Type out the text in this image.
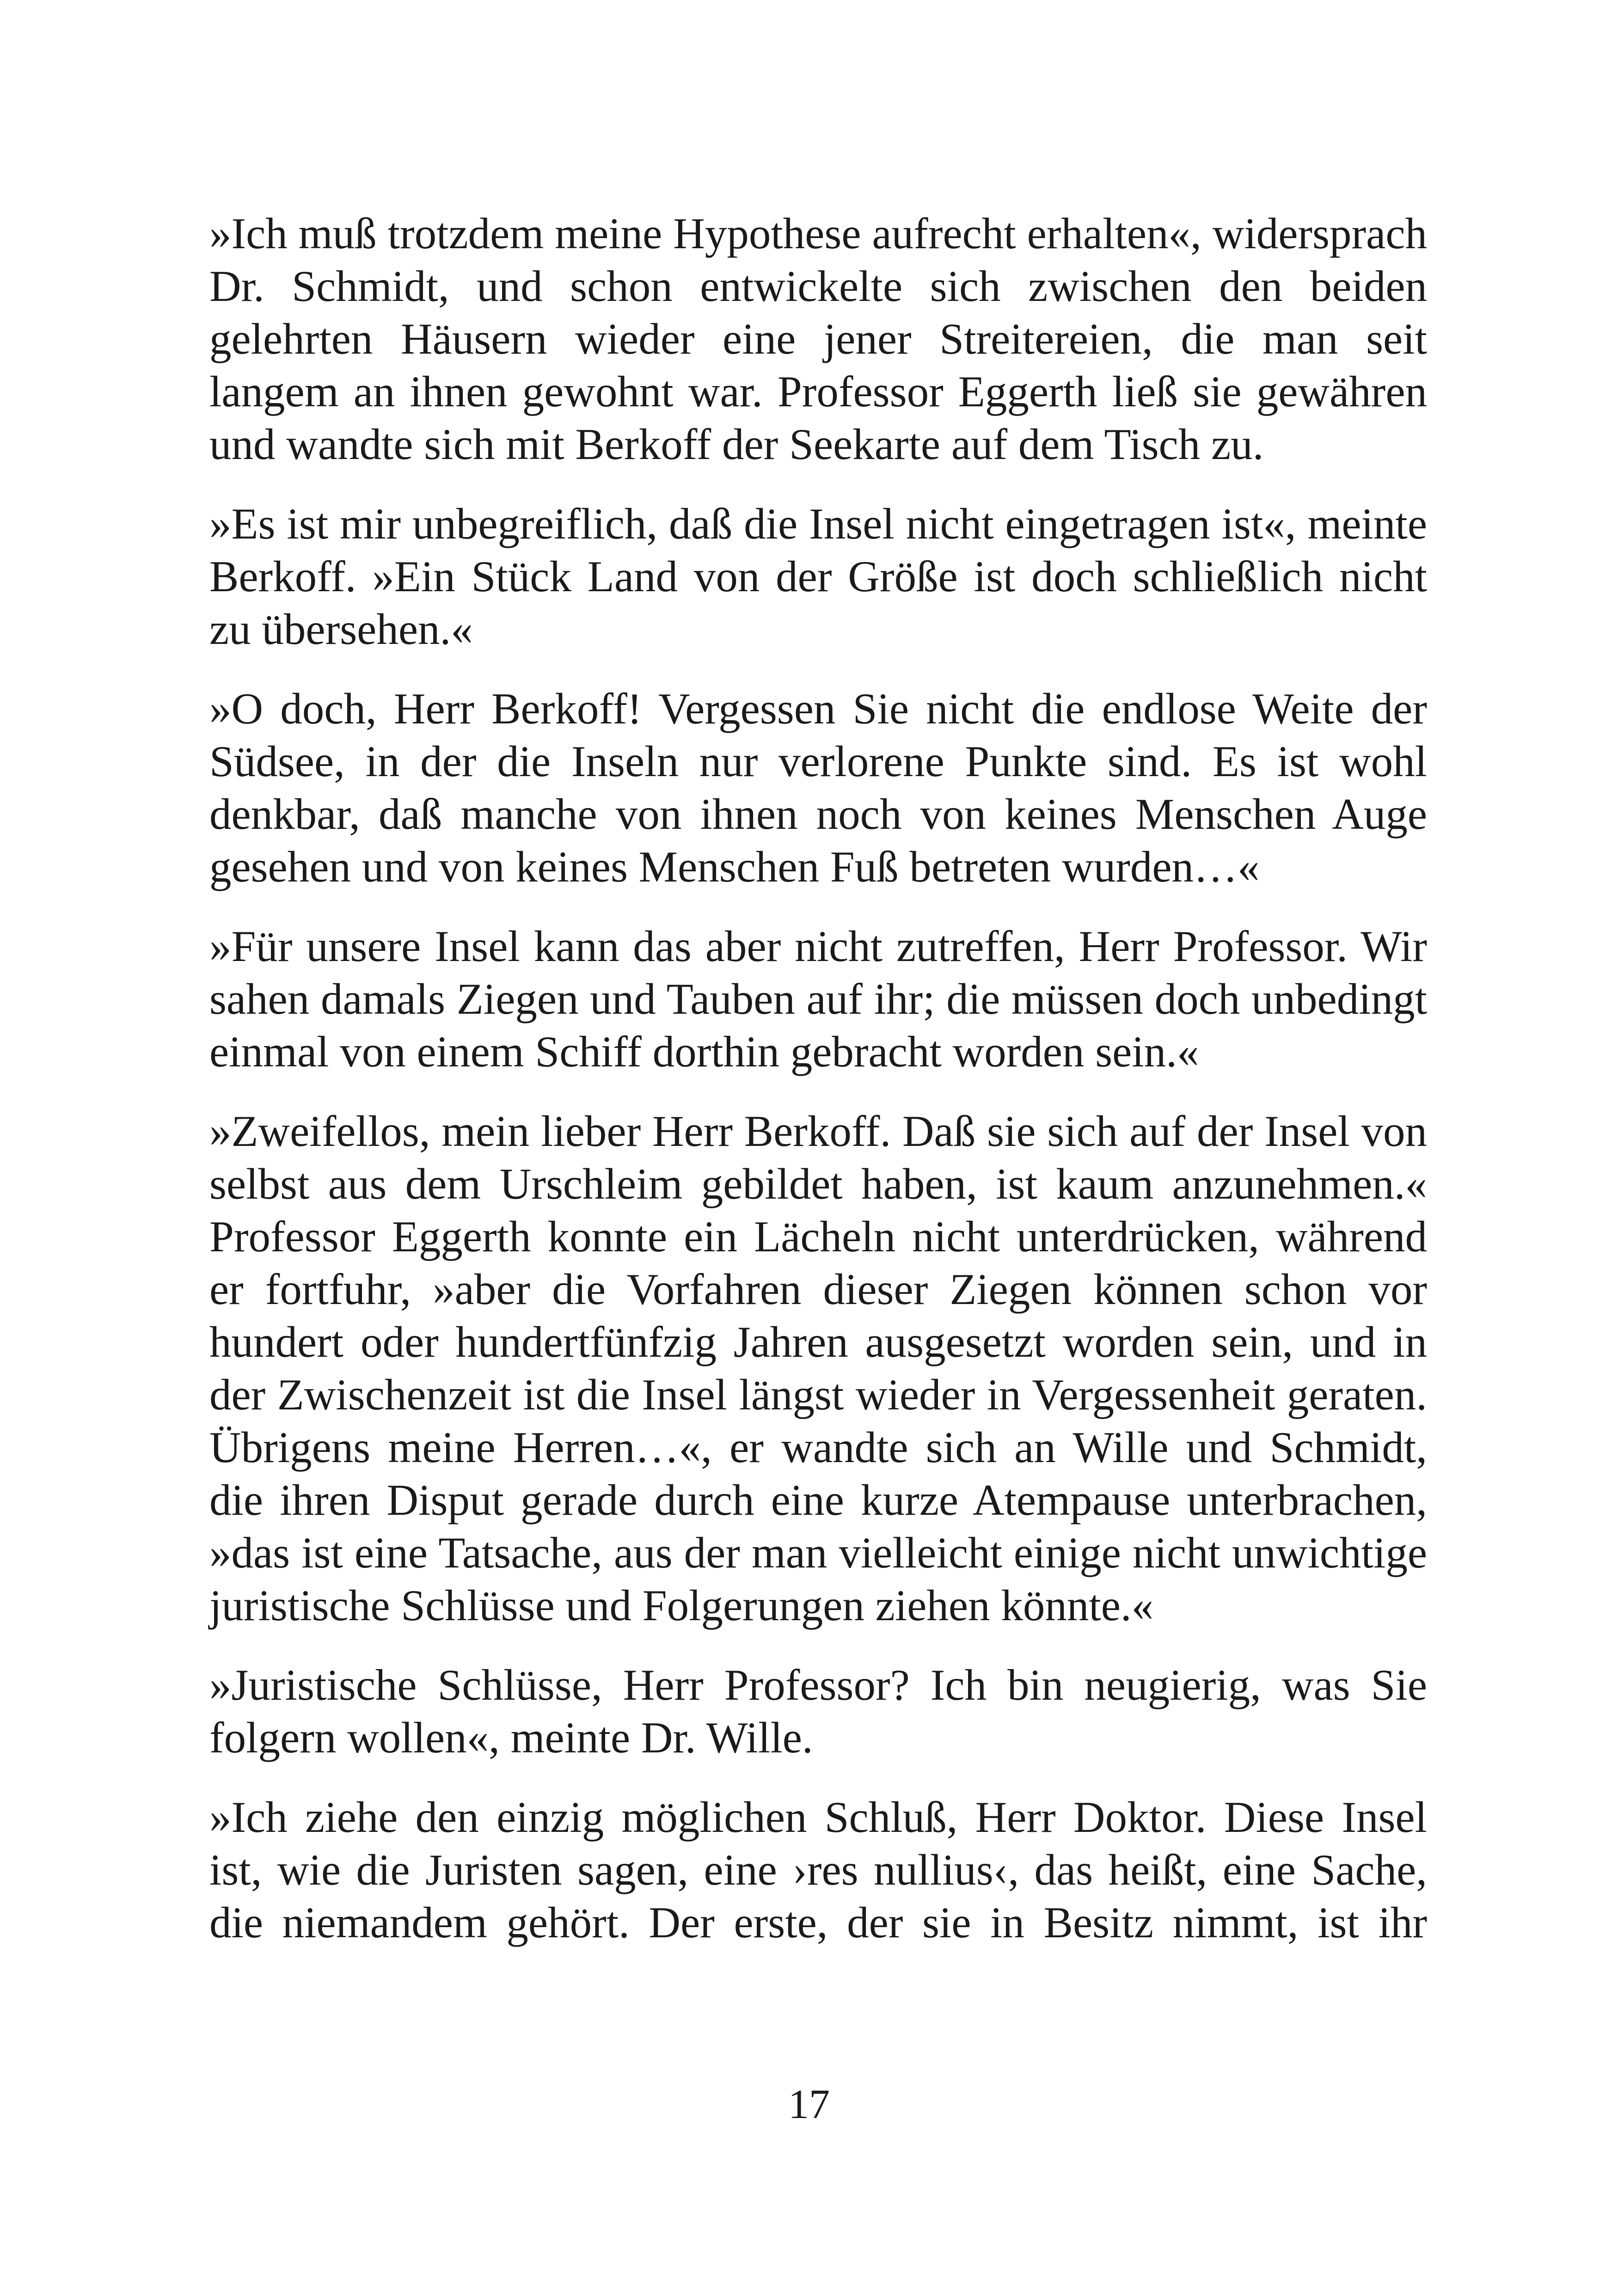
»Ich muß trotzdem meine Hypothese aufrecht erhalten«, widersprach Dr. Schmidt, und schon entwickelte sich zwischen den beiden gelehrten Häusern wieder eine jener Streitereien, die man seit langem an ihnen gewohnt war. Professor Eggerth ließ sie gewähren und wandte sich mit Berkoff der Seekarte auf dem Tisch zu.

»Es ist mir unbegreiflich, daß die Insel nicht eingetragen ist«, meinte Berkoff. »Ein Stück Land von der Größe ist doch schließlich nicht zu übersehen.«

»O doch, Herr Berkoff! Vergessen Sie nicht die endlose Weite der Südsee, in der die Inseln nur verlorene Punkte sind. Es ist wohl denkbar, daß manche von ihnen noch von keines Menschen Auge gesehen und von keines Menschen Fuß betreten wurden…«

»Für unsere Insel kann das aber nicht zutreffen, Herr Professor. Wir sahen damals Ziegen und Tauben auf ihr; die müssen doch unbedingt einmal von einem Schiff dorthin gebracht worden sein.«

»Zweifellos, mein lieber Herr Berkoff. Daß sie sich auf der Insel von selbst aus dem Urschleim gebildet haben, ist kaum anzunehmen.« Professor Eggerth konnte ein Lächeln nicht unterdrücken, während er fortfuhr, »aber die Vorfahren dieser Ziegen können schon vor hundert oder hundertfünfzig Jahren ausgesetzt worden sein, und in der Zwischenzeit ist die Insel längst wieder in Vergessenheit geraten. Übrigens meine Herren…«, er wandte sich an Wille und Schmidt, die ihren Disput gerade durch eine kurze Atempause unterbrachen, »das ist eine Tatsache, aus der man vielleicht einige nicht unwichtige juristische Schlüsse und Folgerungen ziehen könnte.«

»Juristische Schlüsse, Herr Professor? Ich bin neugierig, was Sie folgern wollen«, meinte Dr. Wille.

»Ich ziehe den einzig möglichen Schluß, Herr Doktor. Diese Insel ist, wie die Juristen sagen, eine ›res nullius‹, das heißt, eine Sache, die niemandem gehört. Der erste, der sie in Besitz nimmt, ist ihr

17
